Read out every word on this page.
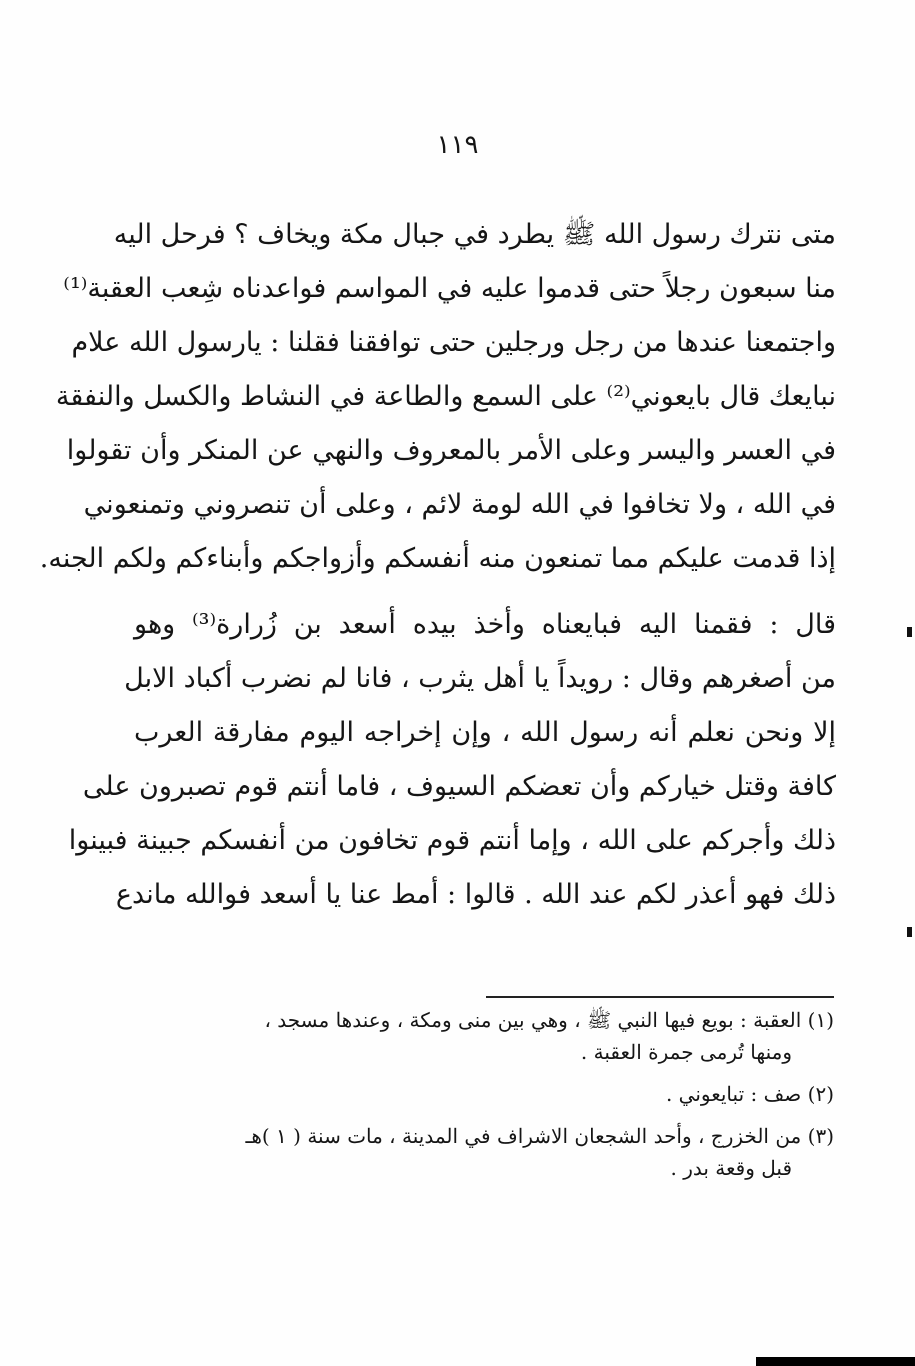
١١٩
متى نترك رسول الله ﷺ يطرد في جبال مكة ويخاف ؟ فرحل اليه
منا سبعون رجلاً حتى قدموا عليه في المواسم فواعدناه شِعب العقبة⁽¹⁾
واجتمعنا عندها من رجل ورجلين حتى توافقنا فقلنا : يارسول الله علام
نبايعك قال بايعوني⁽²⁾ على السمع والطاعة في النشاط والكسل والنفقة
في العسر واليسر وعلى الأمر بالمعروف والنهي عن المنكر وأن تقولوا
في الله ، ولا تخافوا في الله لومة لائم ، وعلى أن تنصروني وتمنعوني
إذا قدمت عليكم مما تمنعون منه أنفسكم وأزواجكم وأبناءكم ولكم الجنه.
قال : فقمنا اليه فبايعناه وأخذ بيده أسعد بن زُرارة⁽³⁾ وهو
من أصغرهم وقال : رويداً يا أهل يثرب ، فانا لم نضرب أكباد الابل
إلا ونحن نعلم أنه رسول الله ، وإن إخراجه اليوم مفارقة العرب
كافة وقتل خياركم وأن تعضكم السيوف ، فاما أنتم قوم تصبرون على
ذلك وأجركم على الله ، وإما أنتم قوم تخافون من أنفسكم جبينة فبينوا
ذلك فهو أعذر لكم عند الله . قالوا : أمط عنا يا أسعد فوالله ماندع
(١) العقبة : بويع فيها النبي ﷺ ، وهي بين منى ومكة ، وعندها مسجد ،
ومنها تُرمى جمرة العقبة .
(٢) صف : تبايعوني .
(٣) من الخزرج ، وأحد الشجعان الاشراف في المدينة ، مات سنة ( ١ )هـ
قبل وقعة بدر .
